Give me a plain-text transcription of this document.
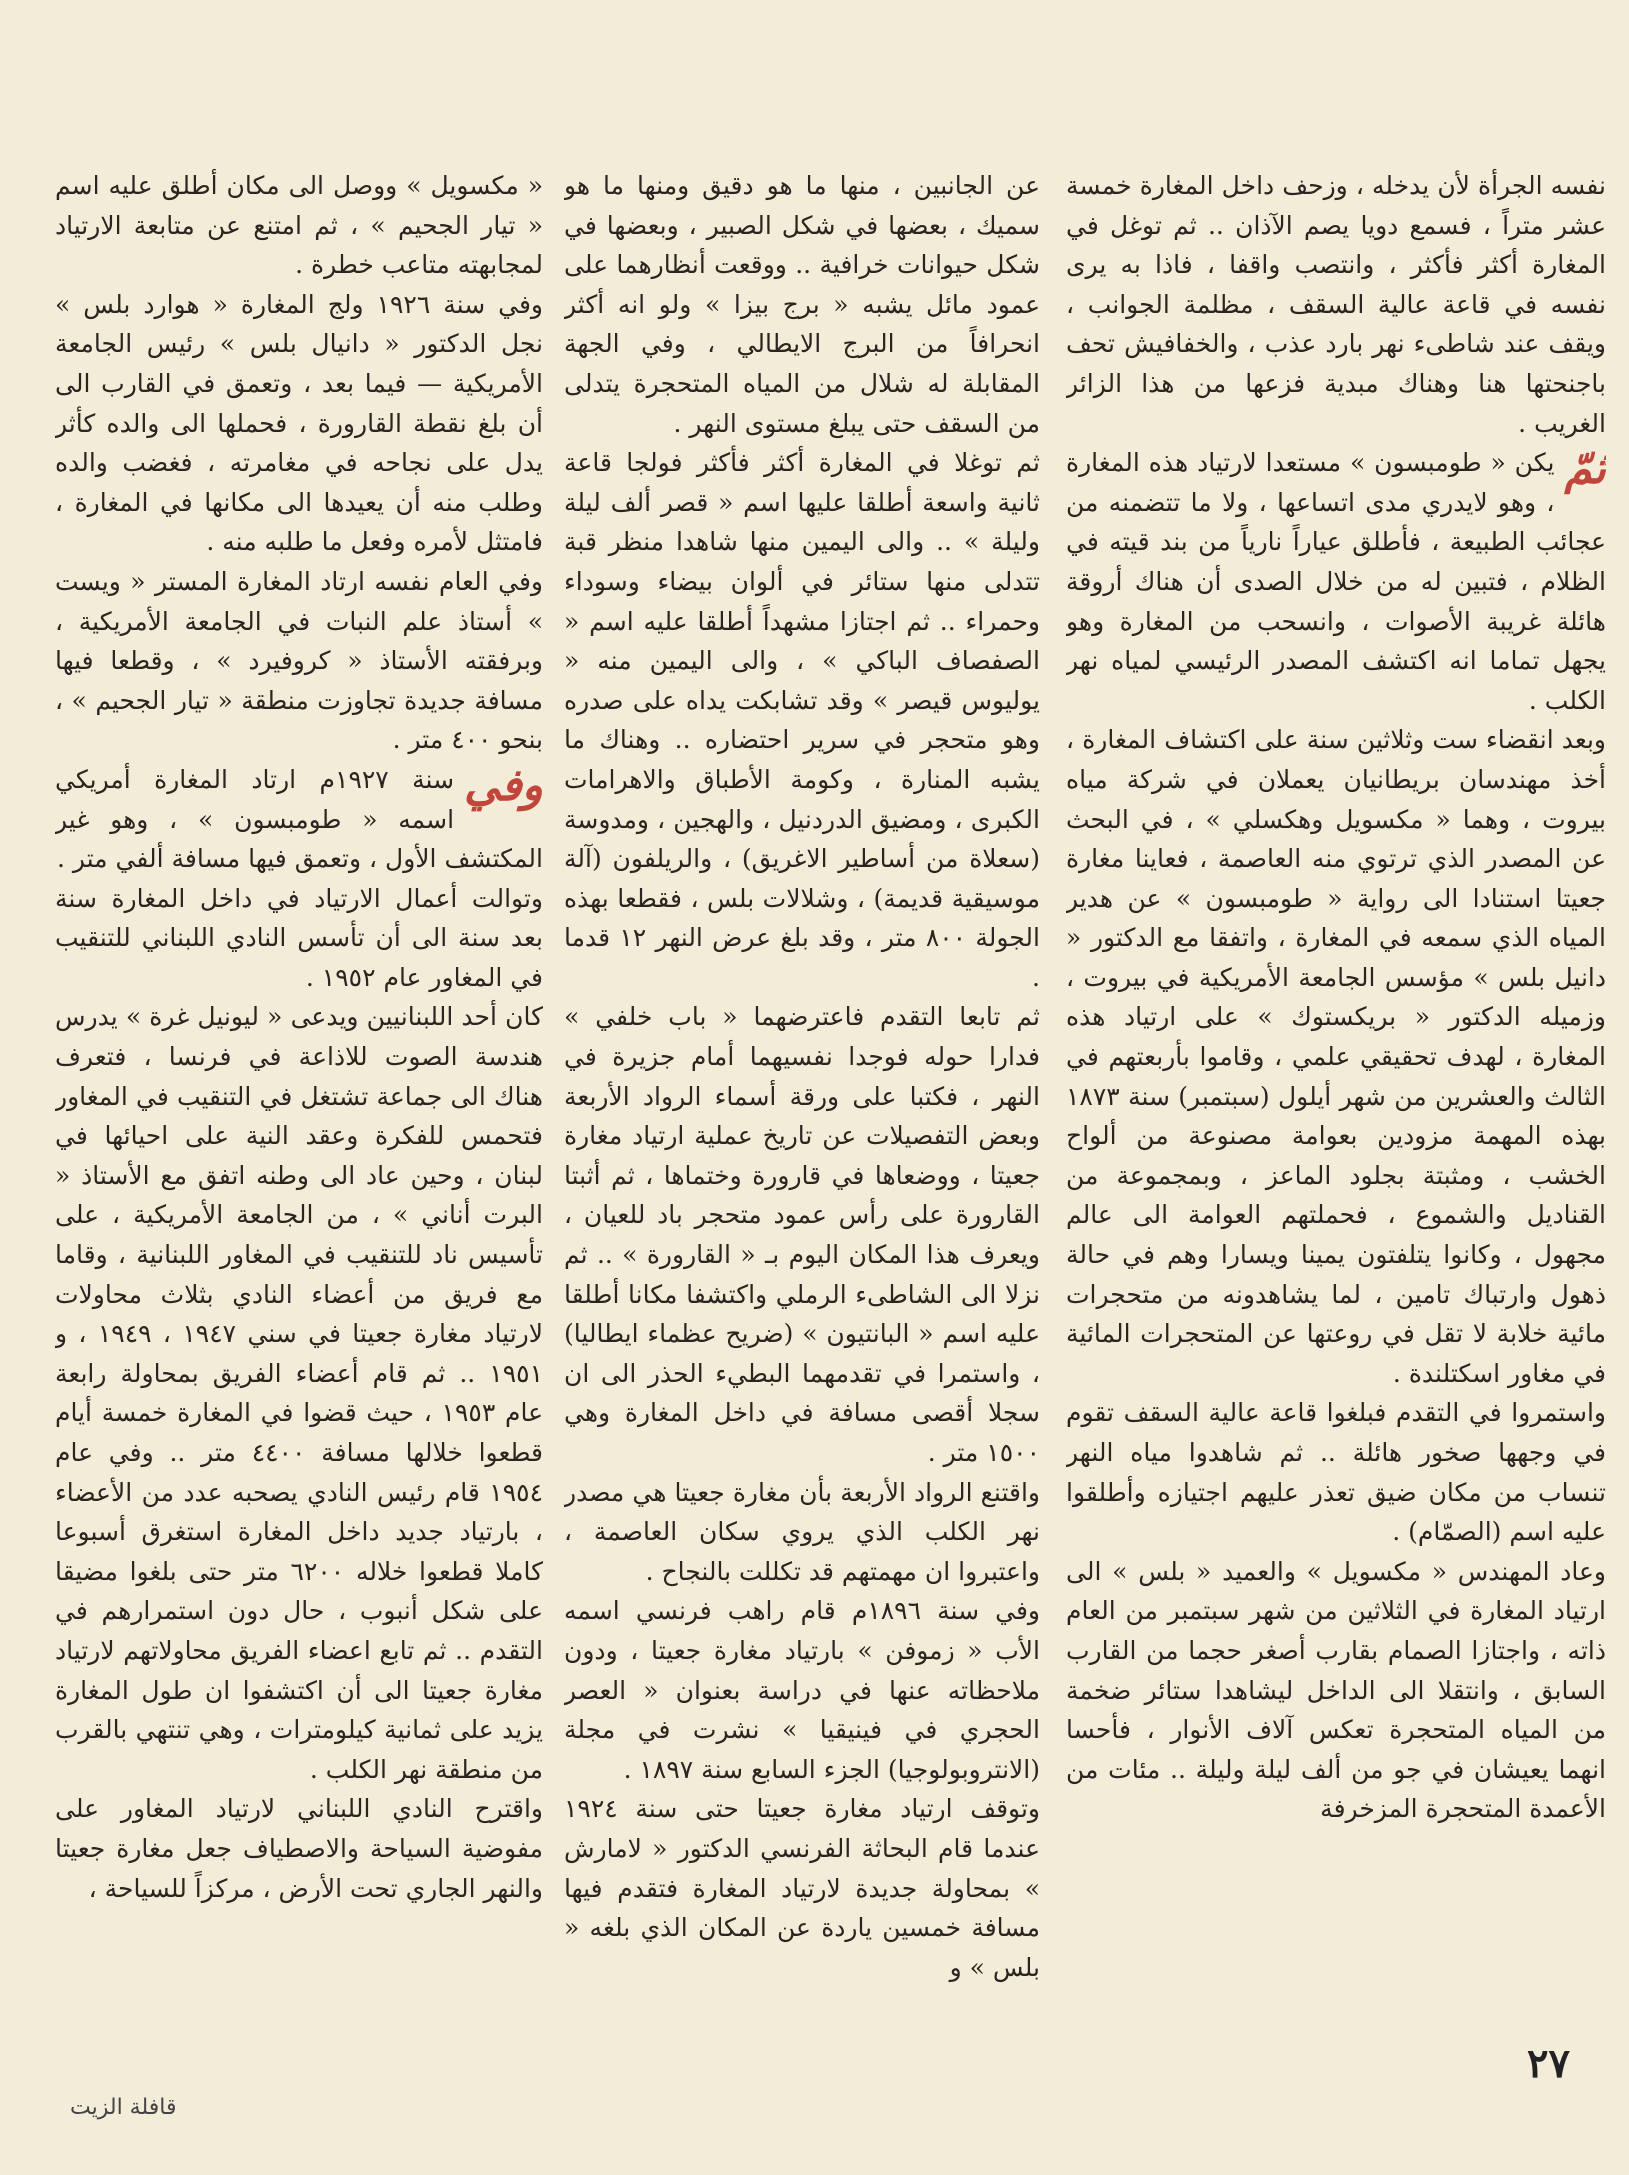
نفسه الجرأة لأن يدخله ، وزحف داخل المغارة خمسة عشر متراً ، فسمع دويا يصم الآذان .. ثم توغل في المغارة أكثر فأكثر ، وانتصب واقفا ، فاذا به يرى نفسه في قاعة عالية السقف ، مظلمة الجوانب ، ويقف عند شاطىء نهر بارد عذب ، والخفافيش تحف باجنحتها هنا وهناك مبدية فزعها من هذا الزائر الغريب .

ثمّ
يكن « طومبسون » مستعدا لارتياد هذه المغارة ، وهو لايدري مدى اتساعها ، ولا ما تتضمنه من عجائب الطبيعة ، فأطلق عياراً نارياً من بند قيته في الظلام ، فتبين له من خلال الصدى أن هناك أروقة هائلة غريبة الأصوات ، وانسحب من المغارة وهو يجهل تماما انه اكتشف المصدر الرئيسي لمياه نهر الكلب .

وبعد انقضاء ست وثلاثين سنة على اكتشاف المغارة ، أخذ مهندسان بريطانيان يعملان في شركة مياه بيروت ، وهما « مكسويل وهكسلي » ، في البحث عن المصدر الذي ترتوي منه العاصمة ، فعاينا مغارة جعيتا استنادا الى رواية « طومبسون » عن هدير المياه الذي سمعه في المغارة ، واتفقا مع الدكتور « دانيل بلس » مؤسس الجامعة الأمريكية في بيروت ، وزميله الدكتور « بريكستوك » على ارتياد هذه المغارة ، لهدف تحقيقي علمي ، وقاموا بأربعتهم في الثالث والعشرين من شهر أيلول (سبتمبر) سنة ١٨٧٣ بهذه المهمة مزودين بعوامة مصنوعة من ألواح الخشب ، ومثبتة بجلود الماعز ، وبمجموعة من القناديل والشموع ، فحملتهم العوامة الى عالم مجهول ، وكانوا يتلفتون يمينا ويسارا وهم في حالة ذهول وارتباك تامين ، لما يشاهدونه من متحجرات مائية خلابة لا تقل في روعتها عن المتحجرات المائية في مغاور اسكتلندة .

واستمروا في التقدم فبلغوا قاعة عالية السقف تقوم في وجهها صخور هائلة .. ثم شاهدوا مياه النهر تنساب من مكان ضيق تعذر عليهم اجتيازه وأطلقوا عليه اسم (الصمّام) .

وعاد المهندس « مكسويل » والعميد « بلس » الى ارتياد المغارة في الثلاثين من شهر سبتمبر من العام ذاته ، واجتازا الصمام بقارب أصغر حجما من القارب السابق ، وانتقلا الى الداخل ليشاهدا ستائر ضخمة من المياه المتحجرة تعكس آلاف الأنوار ، فأحسا انهما يعيشان في جو من ألف ليلة وليلة .. مئات من الأعمدة المتحجرة المزخرفة

عن الجانبين ، منها ما هو دقيق ومنها ما هو سميك ، بعضها في شكل الصبير ، وبعضها في شكل حيوانات خرافية .. ووقعت أنظارهما على عمود مائل يشبه « برج بيزا » ولو انه أكثر انحرافاً من البرج الايطالي ، وفي الجهة المقابلة له شلال من المياه المتحجرة يتدلى من السقف حتى يبلغ مستوى النهر .

ثم توغلا في المغارة أكثر فأكثر فولجا قاعة ثانية واسعة أطلقا عليها اسم « قصر ألف ليلة وليلة » .. والى اليمين منها شاهدا منظر قبة تتدلى منها ستائر في ألوان بيضاء وسوداء وحمراء .. ثم اجتازا مشهداً أطلقا عليه اسم « الصفصاف الباكي » ، والى اليمين منه « يوليوس قيصر » وقد تشابكت يداه على صدره وهو متحجر في سرير احتضاره .. وهناك ما يشبه المنارة ، وكومة الأطباق والاهرامات الكبرى ، ومضيق الدردنيل ، والهجين ، ومدوسة (سعلاة من أساطير الاغريق) ، والريلفون (آلة موسيقية قديمة) ، وشلالات بلس ، فقطعا بهذه الجولة ٨٠٠ متر ، وقد بلغ عرض النهر ١٢ قدما .

ثم تابعا التقدم فاعترضهما « باب خلفي » فدارا حوله فوجدا نفسيهما أمام جزيرة في النهر ، فكتبا على ورقة أسماء الرواد الأربعة وبعض التفصيلات عن تاريخ عملية ارتياد مغارة جعيتا ، ووضعاها في قارورة وختماها ، ثم أثبتا القارورة على رأس عمود متحجر باد للعيان ، ويعرف هذا المكان اليوم بـ « القارورة » .. ثم نزلا الى الشاطىء الرملي واكتشفا مكانا أطلقا عليه اسم « البانتيون » (ضريح عظماء ايطاليا) ، واستمرا في تقدمهما البطيء الحذر الى ان سجلا أقصى مسافة في داخل المغارة وهي ١٥٠٠ متر .

واقتنع الرواد الأربعة بأن مغارة جعيتا هي مصدر نهر الكلب الذي يروي سكان العاصمة ، واعتبروا ان مهمتهم قد تكللت بالنجاح .

وفي سنة ١٨٩٦م قام راهب فرنسي اسمه الأب « زموفن » بارتياد مغارة جعيتا ، ودون ملاحظاته عنها في دراسة بعنوان « العصر الحجري في فينيقيا » نشرت في مجلة (الانتروبولوجيا) الجزء السابع سنة ١٨٩٧ .

وتوقف ارتياد مغارة جعيتا حتى سنة ١٩٢٤ عندما قام البحاثة الفرنسي الدكتور « لامارش » بمحاولة جديدة لارتياد المغارة فتقدم فيها مسافة خمسين ياردة عن المكان الذي بلغه « بلس » و

« مكسويل » ووصل الى مكان أطلق عليه اسم « تيار الجحيم » ، ثم امتنع عن متابعة الارتياد لمجابهته متاعب خطرة .

وفي سنة ١٩٢٦ ولج المغارة « هوارد بلس » نجل الدكتور « دانيال بلس » رئيس الجامعة الأمريكية — فيما بعد ، وتعمق في القارب الى أن بلغ نقطة القارورة ، فحملها الى والده كأثر يدل على نجاحه في مغامرته ، فغضب والده وطلب منه أن يعيدها الى مكانها في المغارة ، فامتثل لأمره وفعل ما طلبه منه .

وفي العام نفسه ارتاد المغارة المستر « ويست » أستاذ علم النبات في الجامعة الأمريكية ، وبرفقته الأستاذ « كروفيرد » ، وقطعا فيها مسافة جديدة تجاوزت منطقة « تيار الجحيم » ، بنحو ٤٠٠ متر .

وفي
سنة ١٩٢٧م ارتاد المغارة أمريكي اسمه « طومبسون » ، وهو غير المكتشف الأول ، وتعمق فيها مسافة ألفي متر .

وتوالت أعمال الارتياد في داخل المغارة سنة بعد سنة الى أن تأسس النادي اللبناني للتنقيب في المغاور عام ١٩٥٢ .

كان أحد اللبنانيين ويدعى « ليونيل غرة » يدرس هندسة الصوت للاذاعة في فرنسا ، فتعرف هناك الى جماعة تشتغل في التنقيب في المغاور فتحمس للفكرة وعقد النية على احيائها في لبنان ، وحين عاد الى وطنه اتفق مع الأستاذ « البرت أناني » ، من الجامعة الأمريكية ، على تأسيس ناد للتنقيب في المغاور اللبنانية ، وقاما مع فريق من أعضاء النادي بثلاث محاولات لارتياد مغارة جعيتا في سني ١٩٤٧ ، ١٩٤٩ ، و ١٩٥١ .. ثم قام أعضاء الفريق بمحاولة رابعة عام ١٩٥٣ ، حيث قضوا في المغارة خمسة أيام قطعوا خلالها مسافة ٤٤٠٠ متر .. وفي عام ١٩٥٤ قام رئيس النادي يصحبه عدد من الأعضاء ، بارتياد جديد داخل المغارة استغرق أسبوعا كاملا قطعوا خلاله ٦٢٠٠ متر حتى بلغوا مضيقا على شكل أنبوب ، حال دون استمرارهم في التقدم .. ثم تابع اعضاء الفريق محاولاتهم لارتياد مغارة جعيتا الى أن اكتشفوا ان طول المغارة يزيد على ثمانية كيلومترات ، وهي تنتهي بالقرب من منطقة نهر الكلب .

واقترح النادي اللبناني لارتياد المغاور على مفوضية السياحة والاصطياف جعل مغارة جعيتا والنهر الجاري تحت الأرض ، مركزاً للسياحة ،

٢٧
قافلة الزيت
